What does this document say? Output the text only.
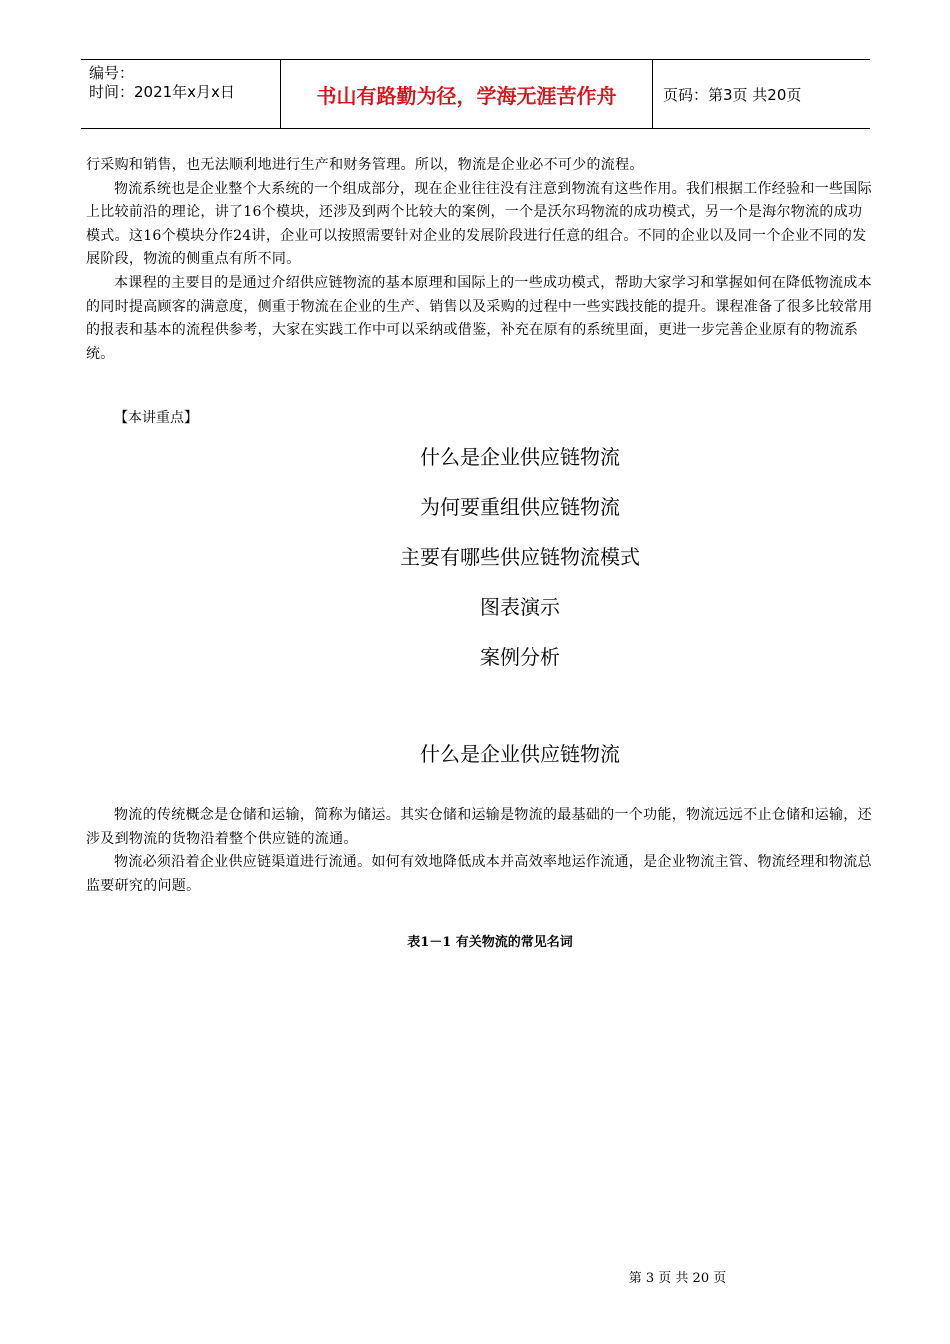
编号：
时间：2021年x月x日	书山有路勤为径，学海无涯苦作舟	页码：第3页 共20页

行采购和销售，也无法顺利地进行生产和财务管理。所以，物流是企业必不可少的流程。

物流系统也是企业整个大系统的一个组成部分，现在企业往往没有注意到物流有这些作用。我们根据工作经验和一些国际上比较前沿的理论，讲了16个模块，还涉及到两个比较大的案例，一个是沃尔玛物流的成功模式，另一个是海尔物流的成功模式。这16个模块分作24讲，企业可以按照需要针对企业的发展阶段进行任意的组合。不同的企业以及同一个企业不同的发展阶段，物流的侧重点有所不同。

本课程的主要目的是通过介绍供应链物流的基本原理和国际上的一些成功模式，帮助大家学习和掌握如何在降低物流成本的同时提高顾客的满意度，侧重于物流在企业的生产、销售以及采购的过程中一些实践技能的提升。课程准备了很多比较常用的报表和基本的流程供参考，大家在实践工作中可以采纳或借鉴，补充在原有的系统里面，更进一步完善企业原有的物流系统。

【本讲重点】

什么是企业供应链物流

为何要重组供应链物流

主要有哪些供应链物流模式

图表演示

案例分析

什么是企业供应链物流

物流的传统概念是仓储和运输，简称为储运。其实仓储和运输是物流的最基础的一个功能，物流远远不止仓储和运输，还涉及到物流的货物沿着整个供应链的流通。

物流必须沿着企业供应链渠道进行流通。如何有效地降低成本并高效率地运作流通，是企业物流主管、物流经理和物流总监要研究的问题。

表1－1 有关物流的常见名词
第 3 页 共 20 页
